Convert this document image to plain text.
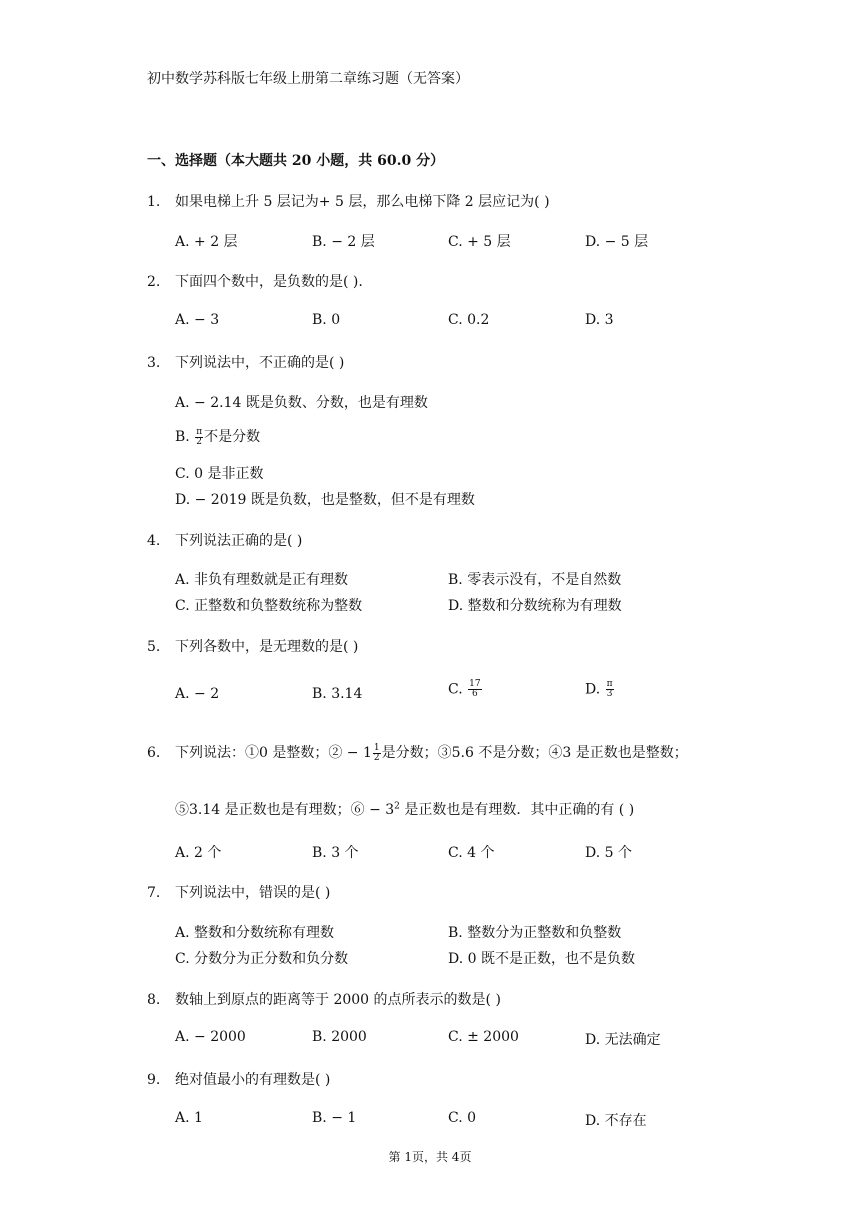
初中数学苏科版七年级上册第二章练习题（无答案）
一、选择题（本大题共 20 小题，共 60.0 分）
1. 如果电梯上升 5 层记为+ 5 层，那么电梯下降 2 层应记为( )
A. + 2 层	B. − 2 层	C. + 5 层	D. − 5 层
2. 下面四个数中，是负数的是( ).
A. − 3	B. 0	C. 0.2	D. 3
3. 下列说法中，不正确的是( )
A. − 2.14 既是负数、分数，也是有理数
B. $\frac{\pi}{2}$ 不是分数
C. 0 是非正数
D. − 2019 既是负数，也是整数，但不是有理数
4. 下列说法正确的是( )
A. 非负有理数就是正有理数	B. 零表示没有，不是自然数
C. 正整数和负整数统称为整数	D. 整数和分数统称为有理数
5. 下列各数中，是无理数的是( )
A. − 2	B. 3.14	C. $\frac{17}{6}$	D. $\frac{\pi}{3}$
6. 下列说法：①0 是整数；② − $1 \frac{1}{2}$ 是分数；③5.6 不是分数；④3 是正数也是整数；
⑤3.14 是正数也是有理数；⑥ − $3^2$ 是正数也是有理数．其中正确的有 ( )
A. 2 个	B. 3 个	C. 4 个	D. 5 个
7. 下列说法中，错误的是( )
A. 整数和分数统称有理数	B. 整数分为正整数和负整数
C. 分数分为正分数和负分数	D. 0 既不是正数，也不是负数
8. 数轴上到原点的距离等于 2000 的点所表示的数是( )
A. − 2000	B. 2000	C. ± 2000	D. 无法确定
9. 绝对值最小的有理数是( )
A. 1	B. − 1	C. 0	D. 不存在
第 1页，共 4页
